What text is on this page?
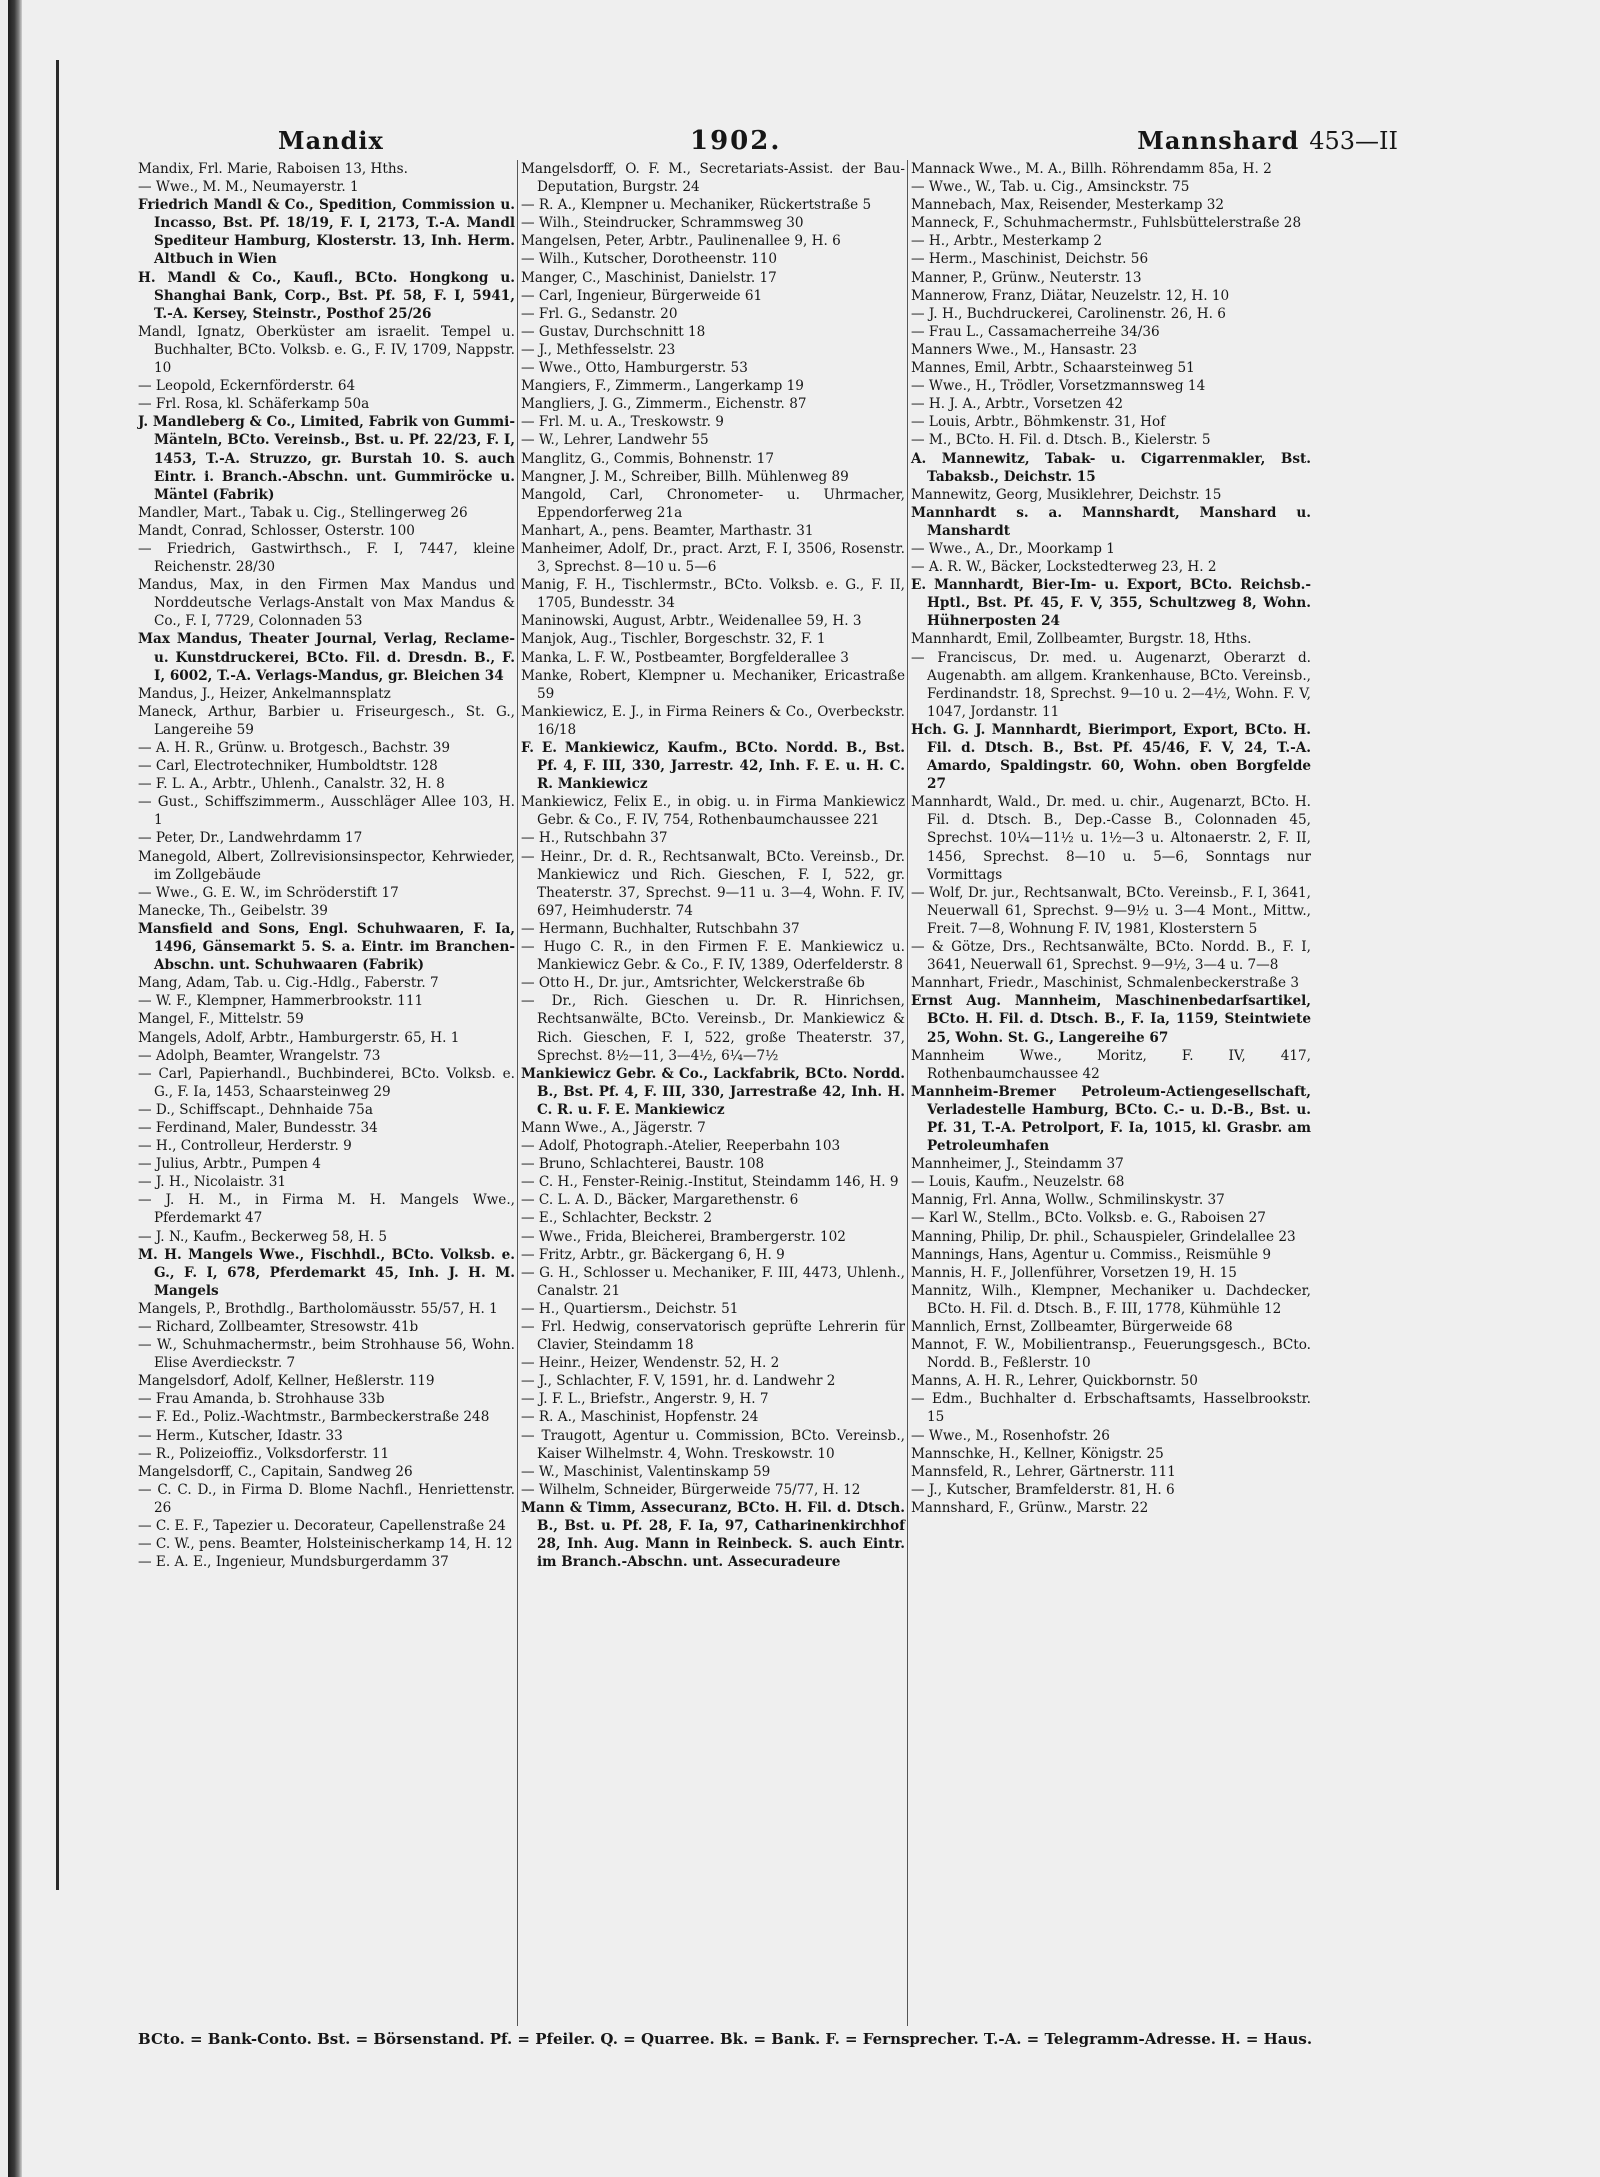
Mandix	1902.	Mannshard 453—II

Mandix, Frl. Marie, Raboisen 13, Hths.

— Wwe., M. M., Neumayerstr. 1

Friedrich Mandl & Co., Spedition, Commission u. Incasso, Bst. Pf. 18/19, F. I, 2173, T.-A. Mandl Spediteur Hamburg, Klosterstr. 13, Inh. Herm. Altbuch in Wien

H. Mandl & Co., Kaufl., BCto. Hongkong u. Shanghai Bank, Corp., Bst. Pf. 58, F. I, 5941, T.-A. Kersey, Steinstr., Posthof 25/26

Mandl, Ignatz, Oberküster am israelit. Tempel u. Buchhalter, BCto. Volksb. e. G., F. IV, 1709, Nappstr. 10

— Leopold, Eckernförderstr. 64

— Frl. Rosa, kl. Schäferkamp 50a

J. Mandleberg & Co., Limited, Fabrik von Gummi-Mänteln, BCto. Vereinsb., Bst. u. Pf. 22/23, F. I, 1453, T.-A. Struzzo, gr. Burstah 10. S. auch Eintr. i. Branch.-Abschn. unt. Gummiröcke u. Mäntel (Fabrik)

Mandler, Mart., Tabak u. Cig., Stellingerweg 26

Mandt, Conrad, Schlosser, Osterstr. 100

— Friedrich, Gastwirthsch., F. I, 7447, kleine Reichenstr. 28/30

Mandus, Max, in den Firmen Max Mandus und Norddeutsche Verlags-Anstalt von Max Mandus & Co., F. I, 7729, Colonnaden 53

Max Mandus, Theater Journal, Verlag, Reclame- u. Kunstdruckerei, BCto. Fil. d. Dresdn. B., F. I, 6002, T.-A. Verlags-Mandus, gr. Bleichen 34

Mandus, J., Heizer, Ankelmannsplatz

Maneck, Arthur, Barbier u. Friseurgesch., St. G., Langereihe 59

— A. H. R., Grünw. u. Brotgesch., Bachstr. 39

— Carl, Electrotechniker, Humboldtstr. 128

— F. L. A., Arbtr., Uhlenh., Canalstr. 32, H. 8

— Gust., Schiffszimmerm., Ausschläger Allee 103, H. 1

— Peter, Dr., Landwehrdamm 17

Manegold, Albert, Zollrevisionsinspector, Kehrwieder, im Zollgebäude

— Wwe., G. E. W., im Schröderstift 17

Manecke, Th., Geibelstr. 39

Mansfield and Sons, Engl. Schuhwaaren, F. Ia, 1496, Gänsemarkt 5. S. a. Eintr. im Branchen-Abschn. unt. Schuhwaaren (Fabrik)

Mang, Adam, Tab. u. Cig.-Hdlg., Faberstr. 7

— W. F., Klempner, Hammerbrookstr. 111

Mangel, F., Mittelstr. 59

Mangels, Adolf, Arbtr., Hamburgerstr. 65, H. 1

— Adolph, Beamter, Wrangelstr. 73

— Carl, Papierhandl., Buchbinderei, BCto. Volksb. e. G., F. Ia, 1453, Schaarsteinweg 29

— D., Schiffscapt., Dehnhaide 75a

— Ferdinand, Maler, Bundesstr. 34

— H., Controlleur, Herderstr. 9

— Julius, Arbtr., Pumpen 4

— J. H., Nicolaistr. 31

— J. H. M., in Firma M. H. Mangels Wwe., Pferdemarkt 47

— J. N., Kaufm., Beckerweg 58, H. 5

M. H. Mangels Wwe., Fischhdl., BCto. Volksb. e. G., F. I, 678, Pferdemarkt 45, Inh. J. H. M. Mangels

Mangels, P., Brothdlg., Bartholomäusstr. 55/57, H. 1

— Richard, Zollbeamter, Stresowstr. 41b

— W., Schuhmachermstr., beim Strohhause 56, Wohn. Elise Averdieckstr. 7

Mangelsdorf, Adolf, Kellner, Heßlerstr. 119

— Frau Amanda, b. Strohhause 33b

— F. Ed., Poliz.-Wachtmstr., Barmbeckerstraße 248

— Herm., Kutscher, Idastr. 33

— R., Polizeioffiz., Volksdorferstr. 11

Mangelsdorff, C., Capitain, Sandweg 26

— C. C. D., in Firma D. Blome Nachfl., Henriettenstr. 26

— C. E. F., Tapezier u. Decorateur, Capellenstraße 24

— C. W., pens. Beamter, Holsteinischerkamp 14, H. 12

— E. A. E., Ingenieur, Mundsburgerdamm 37

Mangelsdorff, O. F. M., Secretariats-Assist. der Bau-Deputation, Burgstr. 24

— R. A., Klempner u. Mechaniker, Rückertstraße 5

— Wilh., Steindrucker, Schrammsweg 30

Mangelsen, Peter, Arbtr., Paulinenallee 9, H. 6

— Wilh., Kutscher, Dorotheenstr. 110

Manger, C., Maschinist, Danielstr. 17

— Carl, Ingenieur, Bürgerweide 61

— Frl. G., Sedanstr. 20

— Gustav, Durchschnitt 18

— J., Methfesselstr. 23

— Wwe., Otto, Hamburgerstr. 53

Mangiers, F., Zimmerm., Langerkamp 19

Mangliers, J. G., Zimmerm., Eichenstr. 87

— Frl. M. u. A., Treskowstr. 9

— W., Lehrer, Landwehr 55

Manglitz, G., Commis, Bohnenstr. 17

Mangner, J. M., Schreiber, Billh. Mühlenweg 89

Mangold, Carl, Chronometer- u. Uhrmacher, Eppendorferweg 21a

Manhart, A., pens. Beamter, Marthastr. 31

Manheimer, Adolf, Dr., pract. Arzt, F. I, 3506, Rosenstr. 3, Sprechst. 8—10 u. 5—6

Manig, F. H., Tischlermstr., BCto. Volksb. e. G., F. II, 1705, Bundesstr. 34

Maninowski, August, Arbtr., Weidenallee 59, H. 3

Manjok, Aug., Tischler, Borgeschstr. 32, F. 1

Manka, L. F. W., Postbeamter, Borgfelderallee 3

Manke, Robert, Klempner u. Mechaniker, Ericastraße 59

Mankiewicz, E. J., in Firma Reiners & Co., Overbeckstr. 16/18

F. E. Mankiewicz, Kaufm., BCto. Nordd. B., Bst. Pf. 4, F. III, 330, Jarrestr. 42, Inh. F. E. u. H. C. R. Mankiewicz

Mankiewicz, Felix E., in obig. u. in Firma Mankiewicz Gebr. & Co., F. IV, 754, Rothenbaumchaussee 221

— H., Rutschbahn 37

— Heinr., Dr. d. R., Rechtsanwalt, BCto. Vereinsb., Dr. Mankiewicz und Rich. Gieschen, F. I, 522, gr. Theaterstr. 37, Sprechst. 9—11 u. 3—4, Wohn. F. IV, 697, Heimhuderstr. 74

— Hermann, Buchhalter, Rutschbahn 37

— Hugo C. R., in den Firmen F. E. Mankiewicz u. Mankiewicz Gebr. & Co., F. IV, 1389, Oderfelderstr. 8

— Otto H., Dr. jur., Amtsrichter, Welckerstraße 6b

— Dr., Rich. Gieschen u. Dr. R. Hinrichsen, Rechtsanwälte, BCto. Vereinsb., Dr. Mankiewicz & Rich. Gieschen, F. I, 522, große Theaterstr. 37, Sprechst. 8½—11, 3—4½, 6¼—7½

Mankiewicz Gebr. & Co., Lackfabrik, BCto. Nordd. B., Bst. Pf. 4, F. III, 330, Jarrestraße 42, Inh. H. C. R. u. F. E. Mankiewicz

Mann Wwe., A., Jägerstr. 7

— Adolf, Photograph.-Atelier, Reeperbahn 103

— Bruno, Schlachterei, Baustr. 108

— C. H., Fenster-Reinig.-Institut, Steindamm 146, H. 9

— C. L. A. D., Bäcker, Margarethenstr. 6

— E., Schlachter, Beckstr. 2

— Wwe., Frida, Bleicherei, Brambergerstr. 102

— Fritz, Arbtr., gr. Bäckergang 6, H. 9

— G. H., Schlosser u. Mechaniker, F. III, 4473, Uhlenh., Canalstr. 21

— H., Quartiersm., Deichstr. 51

— Frl. Hedwig, conservatorisch geprüfte Lehrerin für Clavier, Steindamm 18

— Heinr., Heizer, Wendenstr. 52, H. 2

— J., Schlachter, F. V, 1591, hr. d. Landwehr 2

— J. F. L., Briefstr., Angerstr. 9, H. 7

— R. A., Maschinist, Hopfenstr. 24

— Traugott, Agentur u. Commission, BCto. Vereinsb., Kaiser Wilhelmstr. 4, Wohn. Treskowstr. 10

— W., Maschinist, Valentinskamp 59

— Wilhelm, Schneider, Bürgerweide 75/77, H. 12

Mann & Timm, Assecuranz, BCto. H. Fil. d. Dtsch. B., Bst. u. Pf. 28, F. Ia, 97, Catharinenkirchhof 28, Inh. Aug. Mann in Reinbeck. S. auch Eintr. im Branch.-Abschn. unt. Assecuradeure

Mannack Wwe., M. A., Billh. Röhrendamm 85a, H. 2

— Wwe., W., Tab. u. Cig., Amsinckstr. 75

Mannebach, Max, Reisender, Mesterkamp 32

Manneck, F., Schuhmachermstr., Fuhlsbüttelerstraße 28

— H., Arbtr., Mesterkamp 2

— Herm., Maschinist, Deichstr. 56

Manner, P., Grünw., Neuterstr. 13

Mannerow, Franz, Diätar, Neuzelstr. 12, H. 10

— J. H., Buchdruckerei, Carolinenstr. 26, H. 6

— Frau L., Cassamacherreihe 34/36

Manners Wwe., M., Hansastr. 23

Mannes, Emil, Arbtr., Schaarsteinweg 51

— Wwe., H., Trödler, Vorsetzmannsweg 14

— H. J. A., Arbtr., Vorsetzen 42

— Louis, Arbtr., Böhmkenstr. 31, Hof

— M., BCto. H. Fil. d. Dtsch. B., Kielerstr. 5

A. Mannewitz, Tabak- u. Cigarrenmakler, Bst. Tabaksb., Deichstr. 15

Mannewitz, Georg, Musiklehrer, Deichstr. 15

Mannhardt s. a. Mannshardt, Manshard u. Manshardt

— Wwe., A., Dr., Moorkamp 1

— A. R. W., Bäcker, Lockstedterweg 23, H. 2

E. Mannhardt, Bier-Im- u. Export, BCto. Reichsb.-Hptl., Bst. Pf. 45, F. V, 355, Schultzweg 8, Wohn. Hühnerposten 24

Mannhardt, Emil, Zollbeamter, Burgstr. 18, Hths.

— Franciscus, Dr. med. u. Augenarzt, Oberarzt d. Augenabth. am allgem. Krankenhause, BCto. Vereinsb., Ferdinandstr. 18, Sprechst. 9—10 u. 2—4½, Wohn. F. V, 1047, Jordanstr. 11

Hch. G. J. Mannhardt, Bierimport, Export, BCto. H. Fil. d. Dtsch. B., Bst. Pf. 45/46, F. V, 24, T.-A. Amardo, Spaldingstr. 60, Wohn. oben Borgfelde 27

Mannhardt, Wald., Dr. med. u. chir., Augenarzt, BCto. H. Fil. d. Dtsch. B., Dep.-Casse B., Colonnaden 45, Sprechst. 10¼—11½ u. 1½—3 u. Altonaerstr. 2, F. II, 1456, Sprechst. 8—10 u. 5—6, Sonntags nur Vormittags

— Wolf, Dr. jur., Rechtsanwalt, BCto. Vereinsb., F. I, 3641, Neuerwall 61, Sprechst. 9—9½ u. 3—4 Mont., Mittw., Freit. 7—8, Wohnung F. IV, 1981, Klosterstern 5

— & Götze, Drs., Rechtsanwälte, BCto. Nordd. B., F. I, 3641, Neuerwall 61, Sprechst. 9—9½, 3—4 u. 7—8

Mannhart, Friedr., Maschinist, Schmalenbeckerstraße 3

Ernst Aug. Mannheim, Maschinenbedarfsartikel, BCto. H. Fil. d. Dtsch. B., F. Ia, 1159, Steintwiete 25, Wohn. St. G., Langereihe 67

Mannheim Wwe., Moritz, F. IV, 417, Rothenbaumchaussee 42

Mannheim-Bremer Petroleum-Actiengesellschaft, Verladestelle Hamburg, BCto. C.- u. D.-B., Bst. u. Pf. 31, T.-A. Petrolport, F. Ia, 1015, kl. Grasbr. am Petroleumhafen

Mannheimer, J., Steindamm 37

— Louis, Kaufm., Neuzelstr. 68

Mannig, Frl. Anna, Wollw., Schmilinskystr. 37

— Karl W., Stellm., BCto. Volksb. e. G., Raboisen 27

Manning, Philip, Dr. phil., Schauspieler, Grindelallee 23

Mannings, Hans, Agentur u. Commiss., Reismühle 9

Mannis, H. F., Jollenführer, Vorsetzen 19, H. 15

Mannitz, Wilh., Klempner, Mechaniker u. Dachdecker, BCto. H. Fil. d. Dtsch. B., F. III, 1778, Kühmühle 12

Mannlich, Ernst, Zollbeamter, Bürgerweide 68

Mannot, F. W., Mobilientransp., Feuerungsgesch., BCto. Nordd. B., Feßlerstr. 10

Manns, A. H. R., Lehrer, Quickbornstr. 50

— Edm., Buchhalter d. Erbschaftsamts, Hasselbrookstr. 15

— Wwe., M., Rosenhofstr. 26

Mannschke, H., Kellner, Königstr. 25

Mannsfeld, R., Lehrer, Gärtnerstr. 111

— J., Kutscher, Bramfelderstr. 81, H. 6

Mannshard, F., Grünw., Marstr. 22

BCto. = Bank-Conto. Bst. = Börsenstand. Pf. = Pfeiler. Q. = Quarree. Bk. = Bank. F. = Fernsprecher. T.-A. = Telegramm-Adresse. H. = Haus.
